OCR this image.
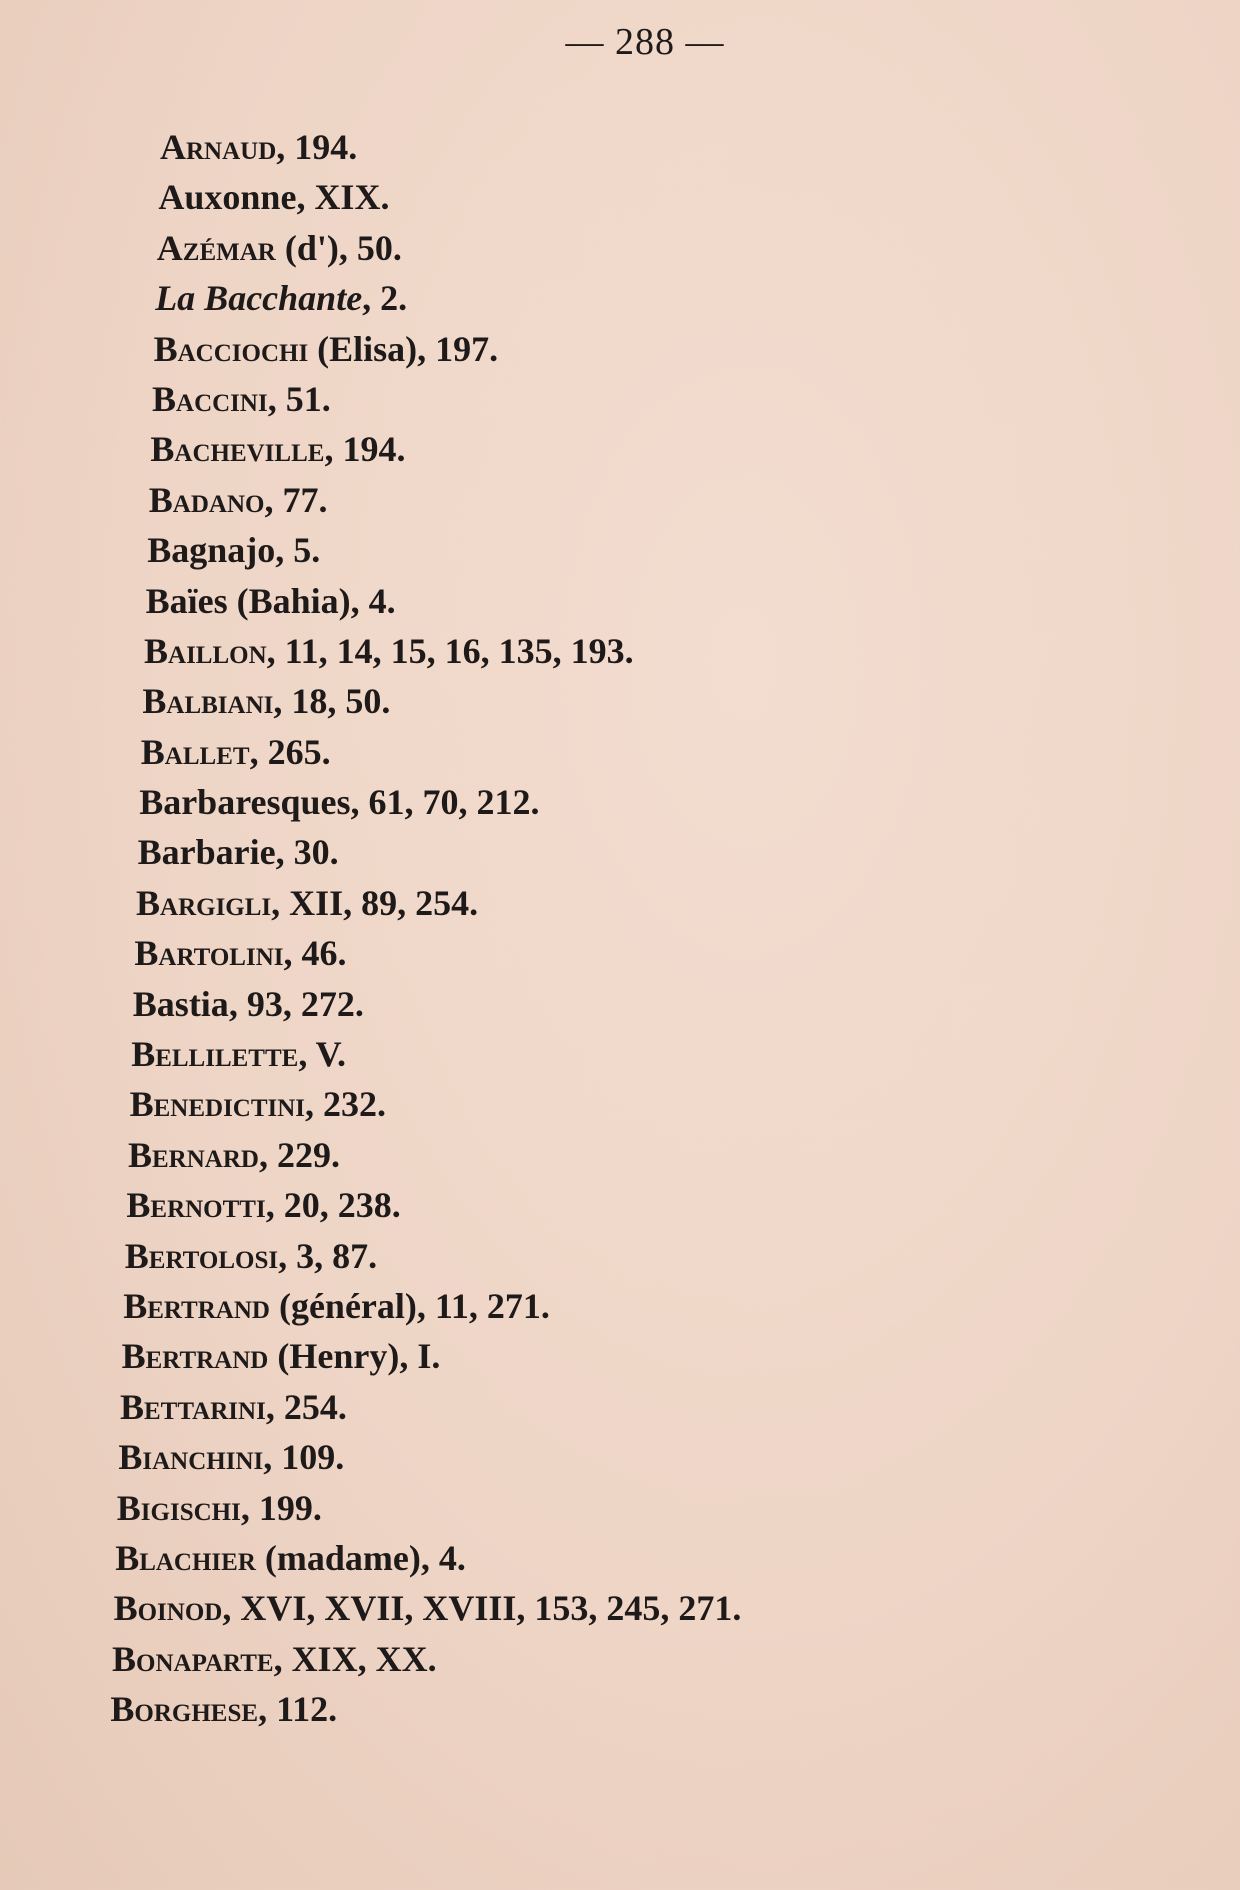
— 288 —
Arnaud, 194.
Auxonne, XIX.
Azémar (d'), 50.
La Bacchante, 2.
Bacciochi (Elisa), 197.
Baccini, 51.
Bacheville, 194.
Badano, 77.
Bagnajo, 5.
Baïes (Bahia), 4.
Baillon, 11, 14, 15, 16, 135, 193.
Balbiani, 18, 50.
Ballet, 265.
Barbaresques, 61, 70, 212.
Barbarie, 30.
Bargigli, XII, 89, 254.
Bartolini, 46.
Bastia, 93, 272.
Bellilette, V.
Benedictini, 232.
Bernard, 229.
Bernotti, 20, 238.
Bertolosi, 3, 87.
Bertrand (général), 11, 271.
Bertrand (Henry), I.
Bettarini, 254.
Bianchini, 109.
Bigischi, 199.
Blachier (madame), 4.
Boinod, XVI, XVII, XVIII, 153, 245, 271.
Bonaparte, XIX, XX.
Borghese, 112.
